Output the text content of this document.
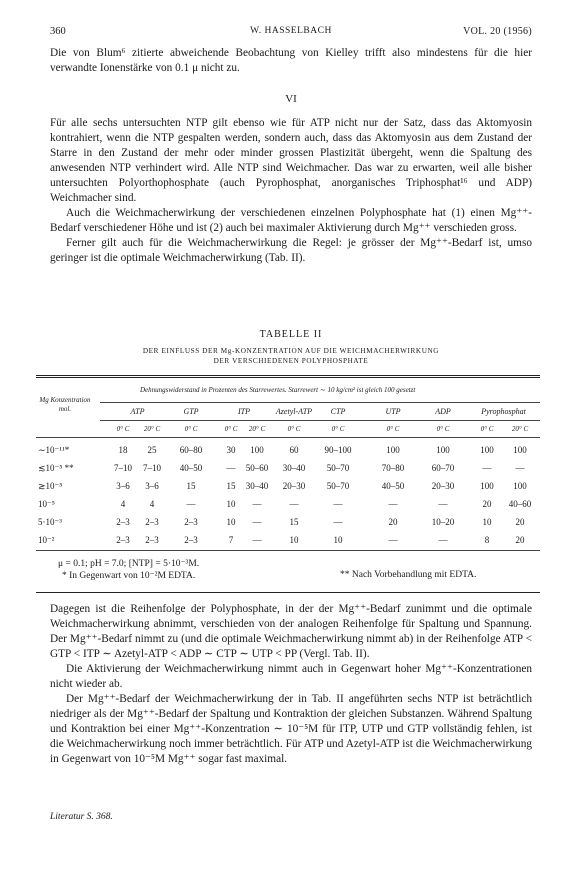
360	W. HASSELBACH	VOL. 20 (1956)

Die von Blum⁶ zitierte abweichende Beobachtung von Kielley trifft also mindestens für die hier verwandte Ionenstärke von 0.1 μ nicht zu.

VI

Für alle sechs untersuchten NTP gilt ebenso wie für ATP nicht nur der Satz, dass das Aktomyosin kontrahiert, wenn die NTP gespalten werden, sondern auch, dass das Aktomyosin aus dem Zustand der Starre in den Zustand der mehr oder minder grossen Plastizität übergeht, wenn die Spaltung des anwesenden NTP verhindert wird. Alle NTP sind Weichmacher. Das war zu erwarten, weil alle bisher untersuchten Polyorthophosphate (auch Pyrophosphat, anorganisches Triphosphat¹⁶ und ADP) Weichmacher sind.

Auch die Weichmacherwirkung der verschiedenen einzelnen Polyphosphate hat (1) einen Mg⁺⁺-Bedarf verschiedener Höhe und ist (2) auch bei maximaler Aktivierung durch Mg⁺⁺ verschieden gross.

Ferner gilt auch für die Weichmacherwirkung die Regel: je grösser der Mg⁺⁺-Bedarf ist, umso geringer ist die optimale Weichmacherwirkung (Tab. II).

TABELLE II
DER EINFLUSS DER Mg-KONZENTRATION AUF DIE WEICHMACHERWIRKUNG
DER VERSCHIEDENEN POLYPHOSPHATE
Dehnungswiderstand in Prozenten des Starrewertes. Starrewert ∼ 10 kg/cm² ist gleich 100 gesetzt
Mg Konzentration mol.	ATP	GTP	ITP	Azetyl-ATP	CTP	UTP	ADP	Pyrophosphat
0° C	20° C	0° C	0° C	20° C	0° C	0° C	0° C	0° C	0° C	20° C
∼10⁻¹¹*	18	25	60–80	30	100	60	90–100	100	100	100	100
≲10⁻⁵ **	7–10	7–10	40–50	—	50–60	30–40	50–70	70–80	60–70	—	—
≳10⁻⁵	3–6	3–6	15	15	30–40	20–30	50–70	40–50	20–30	100	100
10⁻⁵	4	4	—	10	—	—	—	—	—	20	40–60
5·10⁻³	2–3	2–3	2–3	10	—	15	—	20	10–20	10	20
10⁻²	2–3	2–3	2–3	7	—	10	10	—	—	8	20
μ = 0.1; pH = 7.0; [NTP] = 5·10⁻³M.
* In Gegenwart von 10⁻²M EDTA.	** Nach Vorbehandlung mit EDTA.

Dagegen ist die Reihenfolge der Polyphosphate, in der der Mg⁺⁺-Bedarf zunimmt und die optimale Weichmacherwirkung abnimmt, verschieden von der analogen Reihenfolge für Spaltung und Spannung. Der Mg⁺⁺-Bedarf nimmt zu (und die optimale Weichmacherwirkung nimmt ab) in der Reihenfolge ATP < GTP < ITP ∼ Azetyl-ATP < ADP ∼ CTP ∼ UTP < PP (Vergl. Tab. II).

Die Aktivierung der Weichmacherwirkung nimmt auch in Gegenwart hoher Mg⁺⁺-Konzentrationen nicht wieder ab.

Der Mg⁺⁺-Bedarf der Weichmacherwirkung der in Tab. II angeführten sechs NTP ist beträchtlich niedriger als der Mg⁺⁺-Bedarf der Spaltung und Kontraktion der gleichen Substanzen. Während Spaltung und Kontraktion bei einer Mg⁺⁺-Konzentration ∼ 10⁻⁵M für ITP, UTP und GTP vollständig fehlen, ist die Weichmacherwirkung noch immer beträchtlich. Für ATP und Azetyl-ATP ist die Weichmacherwirkung in Gegenwart von 10⁻⁵M Mg⁺⁺ sogar fast maximal.

Literatur S. 368.
